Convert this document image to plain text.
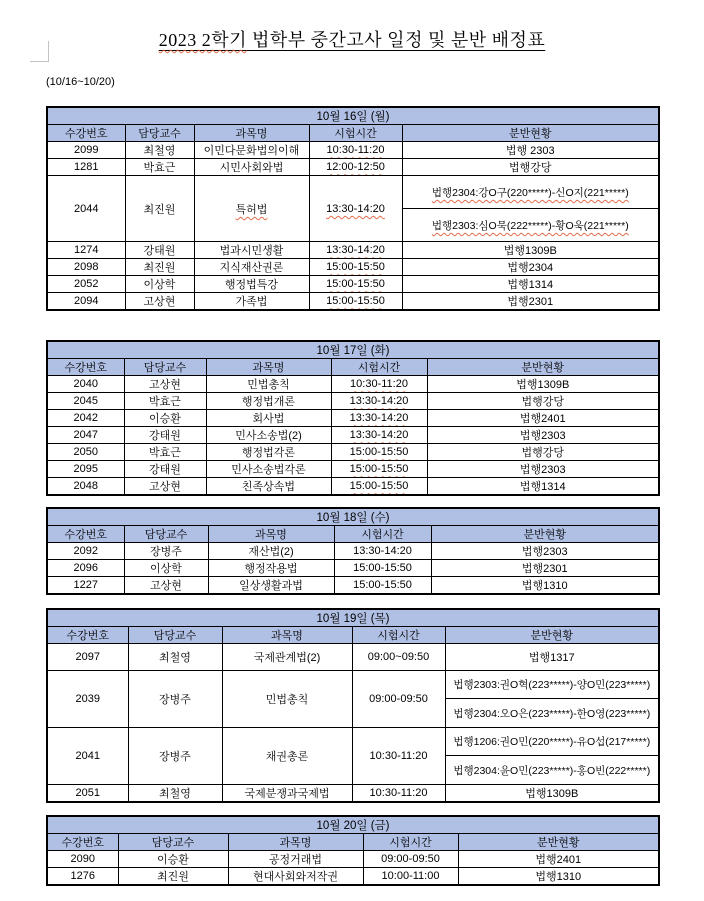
2023 2학기 법학부 중간고사 일정 및 분반 배정표
(10/16~10/20)
10월 16일 (월)				
수강번호	담당교수	과목명	시험시간	분반현황
2099	최철영	이민다문화법의이해	10:30-11:20	법행 2303
1281	박효근	시민사회와법	12:00-12:50	법행강당
2044	최진원	특허법	13:30-14:20	법행2304:강O구(220*****)-신O지(221*****)
				법행2303:심O묵(222*****)-황O욱(221*****)
1274	강태원	법과시민생활	13:30-14:20	법행1309B
2098	최진원	지식재산권론	15:00-15:50	법행2304
2052	이상학	행정법특강	15:00-15:50	법행1314
2094	고상현	가족법	15:00-15:50	법행2301
10월 17일 (화)				
수강번호	담당교수	과목명	시험시간	분반현황
2040	고상현	민법총칙	10:30-11:20	법행1309B
2045	박효근	행정법개론	13:30-14:20	법행강당
2042	이승환	회사법	13:30-14:20	법행2401
2047	강태원	민사소송법(2)	13:30-14:20	법행2303
2050	박효근	행정법각론	15:00-15:50	법행강당
2095	강태원	민사소송법각론	15:00-15:50	법행2303
2048	고상현	친족상속법	15:00-15:50	법행1314
10월 18일 (수)				
수강번호	담당교수	과목명	시험시간	분반현황
2092	장병주	재산법(2)	13:30-14:20	법행2303
2096	이상학	행정작용법	15:00-15:50	법행2301
1227	고상현	일상생활과법	15:00-15:50	법행1310
10월 19일 (목)				
수강번호	담당교수	과목명	시험시간	분반현황
2097	최철영	국제관계법(2)	09:00~09:50	법행1317
2039	장병주	민법총칙	09:00-09:50	법행2303:권O혁(223*****)-양O민(223*****)
				법행2304:오O은(223*****)-한O영(223*****)
2041	장병주	채권총론	10:30-11:20	법행1206:권O민(220*****)-유O섭(217*****)
				법행2304:윤O민(223*****)-홍O빈(222*****)
2051	최철영	국제분쟁과국제법	10:30-11:20	법행1309B
10월 20일 (금)				
수강번호	담당교수	과목명	시험시간	분반현황
2090	이승환	공정거래법	09:00-09:50	법행2401
1276	최진원	현대사회와저작권	10:00-11:00	법행1310
